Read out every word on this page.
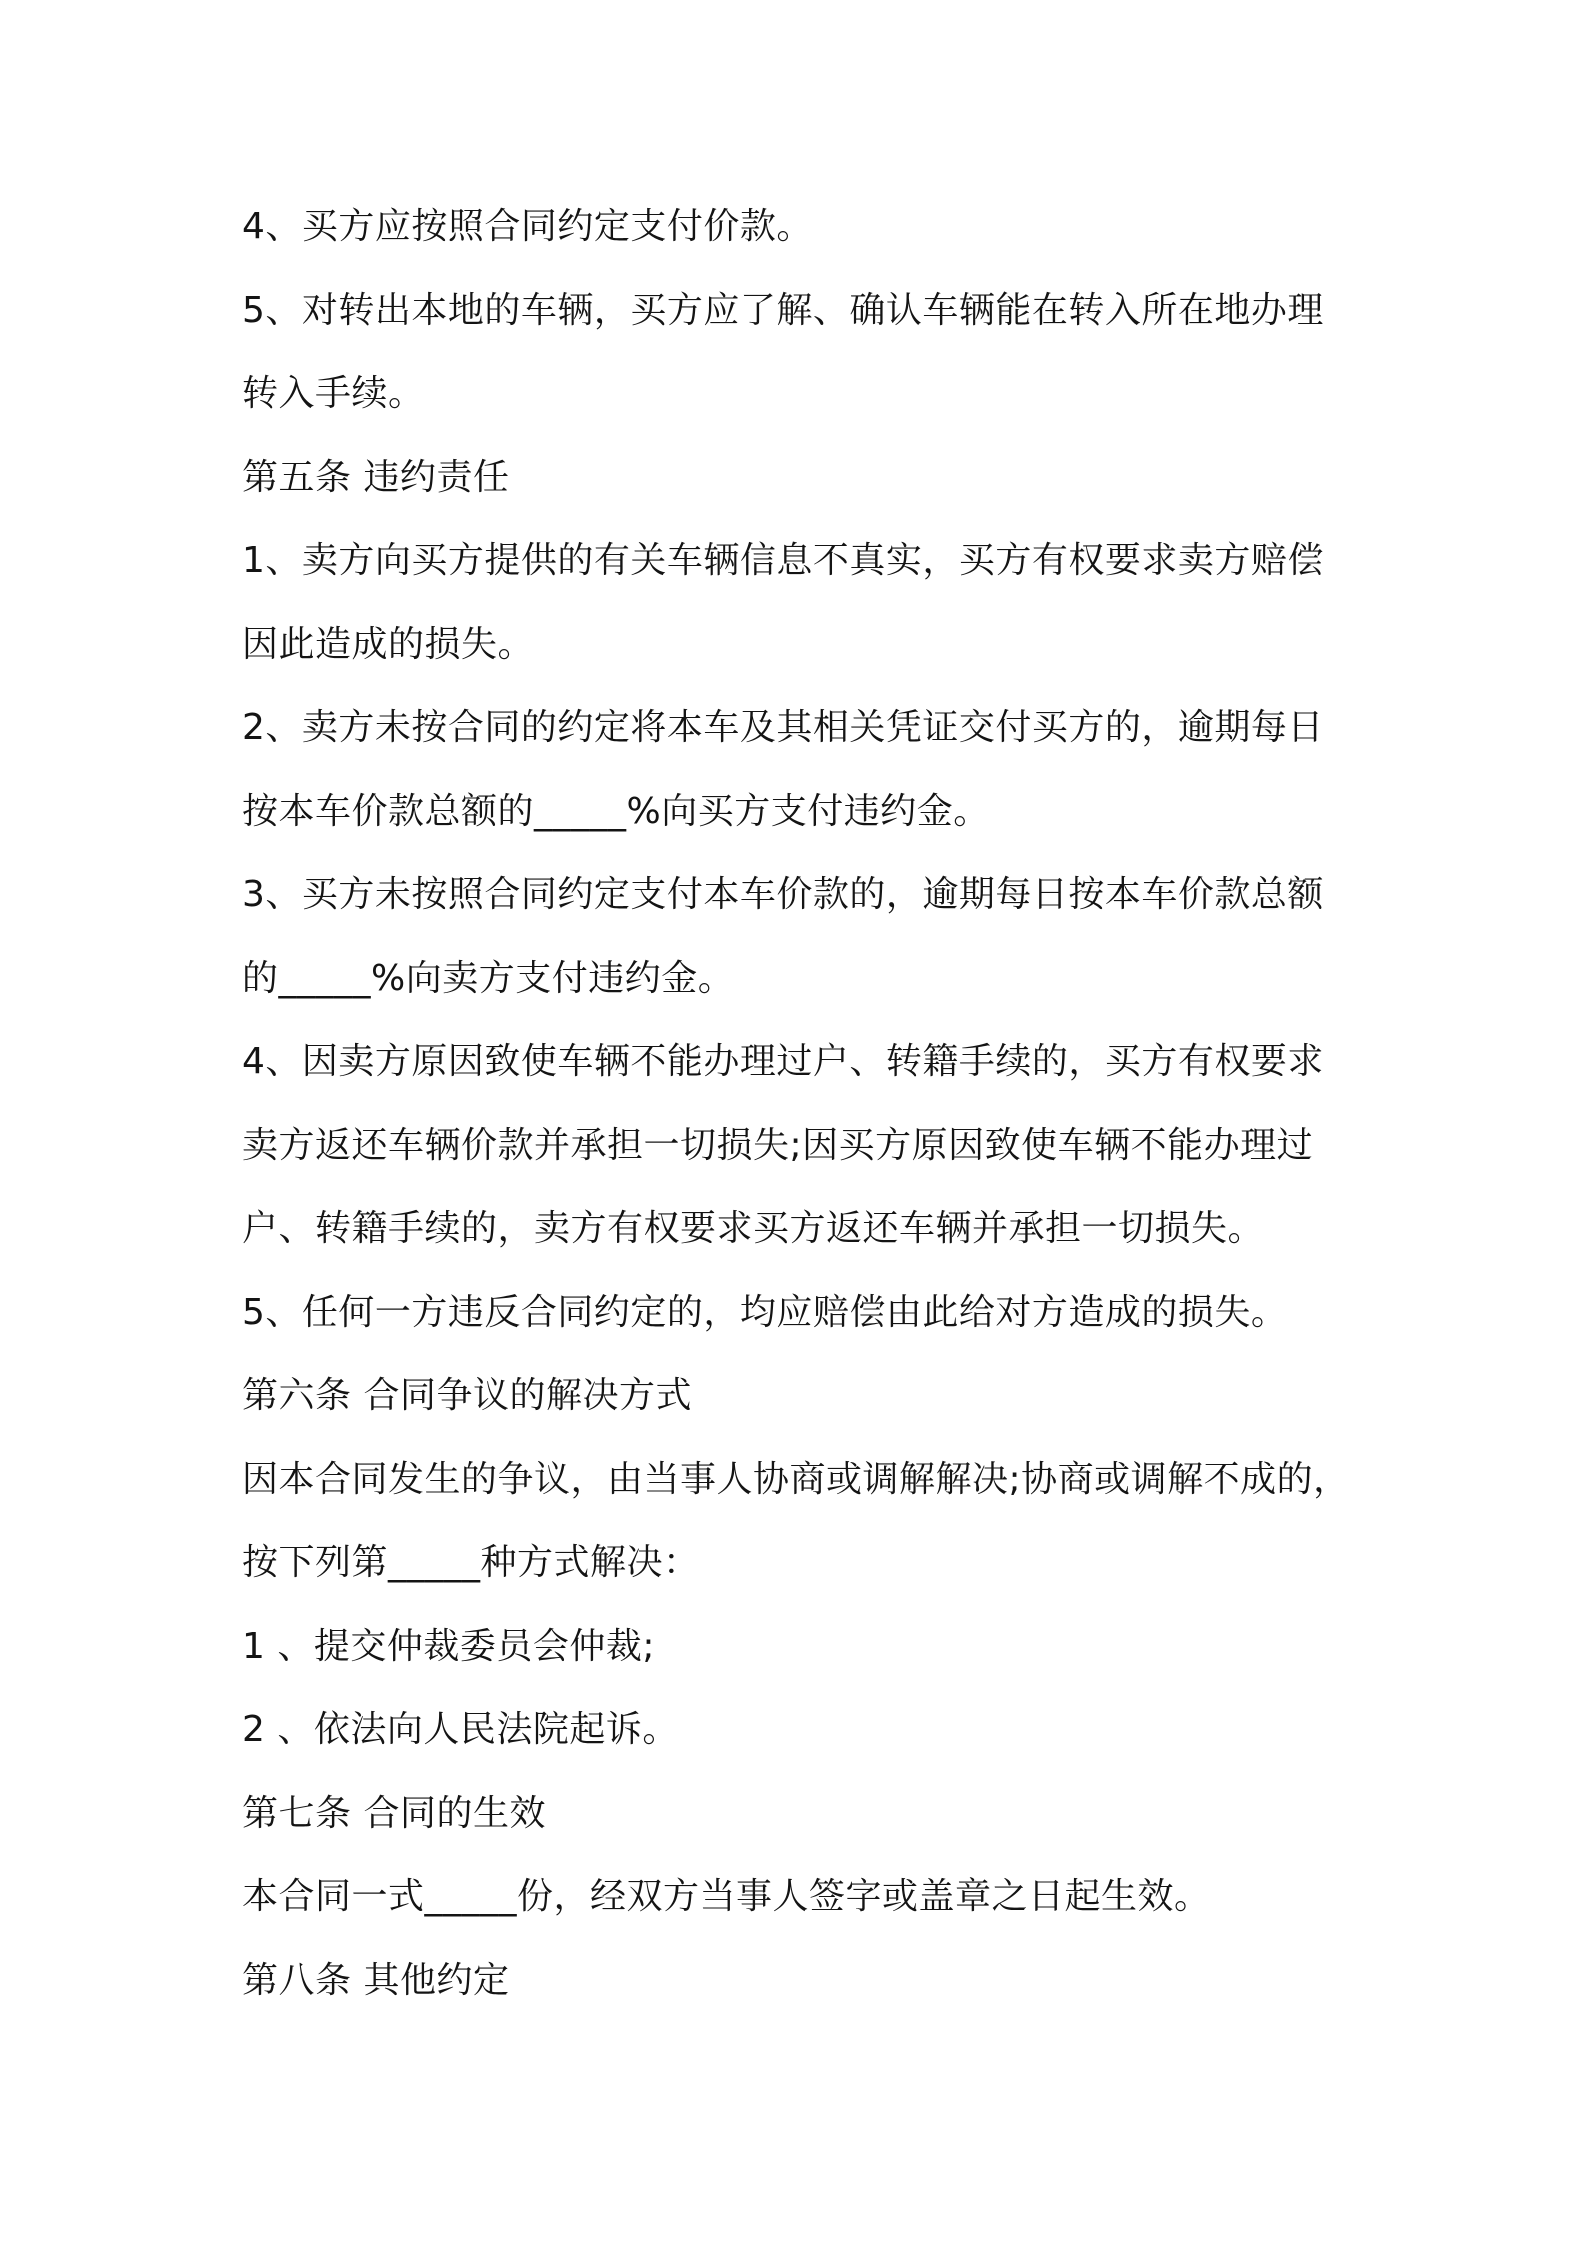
4、买方应按照合同约定支付价款。

5、对转出本地的车辆，买方应了解、确认车辆能在转入所在地办理

转入手续。

第五条 违约责任

1、卖方向买方提供的有关车辆信息不真实，买方有权要求卖方赔偿

因此造成的损失。

2、卖方未按合同的约定将本车及其相关凭证交付买方的，逾期每日

按本车价款总额的_____%向买方支付违约金。

3、买方未按照合同约定支付本车价款的，逾期每日按本车价款总额

的_____%向卖方支付违约金。

4、因卖方原因致使车辆不能办理过户、转籍手续的，买方有权要求

卖方返还车辆价款并承担一切损失;因买方原因致使车辆不能办理过

户、转籍手续的，卖方有权要求买方返还车辆并承担一切损失。

5、任何一方违反合同约定的，均应赔偿由此给对方造成的损失。

第六条 合同争议的解决方式

因本合同发生的争议，由当事人协商或调解解决;协商或调解不成的，

按下列第_____种方式解决：

1 、提交仲裁委员会仲裁;

2 、依法向人民法院起诉。

第七条 合同的生效

本合同一式_____份，经双方当事人签字或盖章之日起生效。

第八条 其他约定
